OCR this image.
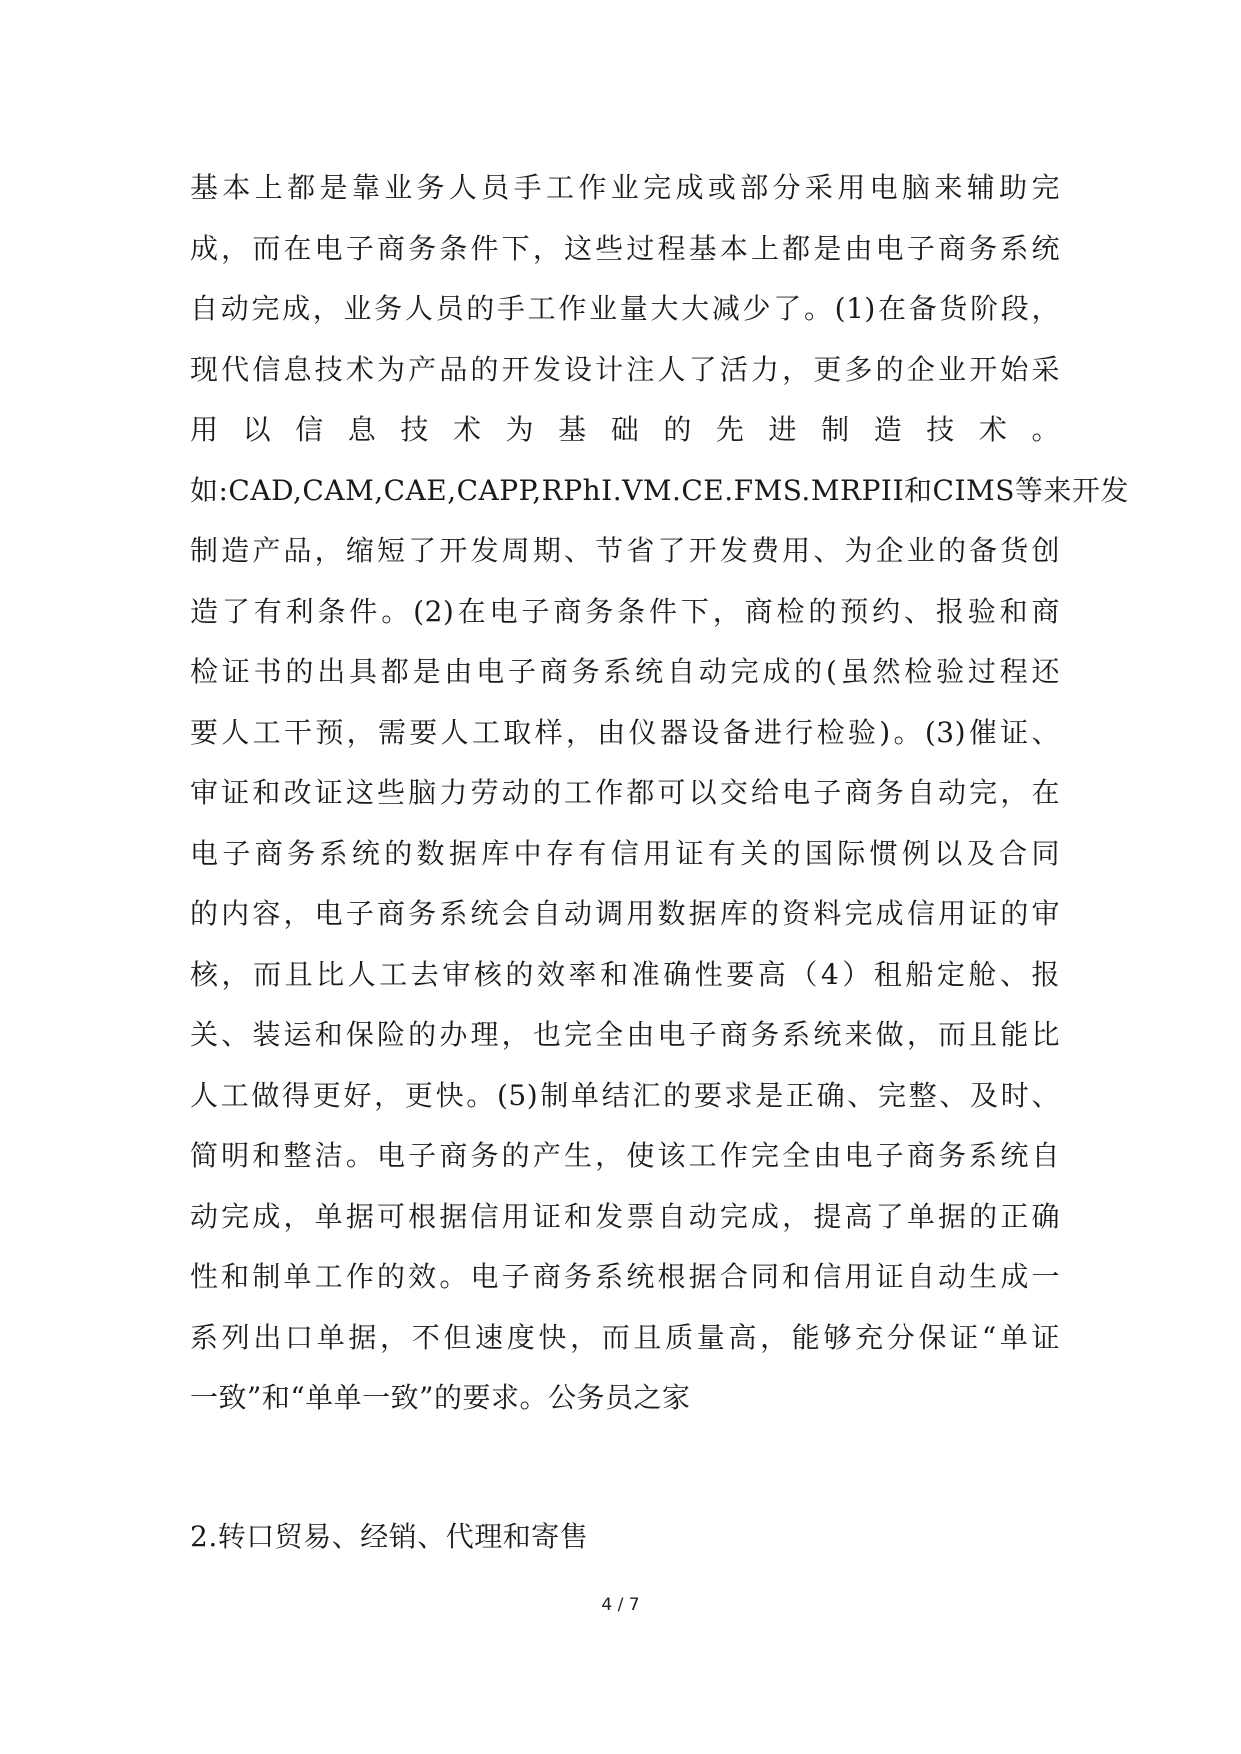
基本上都是靠业务人员手工作业完成或部分采用电脑来辅助完
成，而在电子商务条件下，这些过程基本上都是由电子商务系统
自动完成，业务人员的手工作业量大大减少了。(1)在备货阶段，
现代信息技术为产品的开发设计注人了活力，更多的企业开始采
用以信息技术为基础的先进制造技术。
如:CAD,CAM,CAE,CAPP,RPhI.VM.CE.FMS.MRPII和CIMS等来开发
制造产品，缩短了开发周期、节省了开发费用、为企业的备货创
造了有利条件。(2)在电子商务条件下，商检的预约、报验和商
检证书的出具都是由电子商务系统自动完成的(虽然检验过程还
要人工干预，需要人工取样，由仪器设备进行检验)。(3)催证、
审证和改证这些脑力劳动的工作都可以交给电子商务自动完，在
电子商务系统的数据库中存有信用证有关的国际惯例以及合同
的内容，电子商务系统会自动调用数据库的资料完成信用证的审
核，而且比人工去审核的效率和准确性要高（4）租船定舱、报
关、装运和保险的办理，也完全由电子商务系统来做，而且能比
人工做得更好，更快。(5)制单结汇的要求是正确、完整、及时、
简明和整洁。电子商务的产生，使该工作完全由电子商务系统自
动完成，单据可根据信用证和发票自动完成，提高了单据的正确
性和制单工作的效。电子商务系统根据合同和信用证自动生成一
系列出口单据，不但速度快，而且质量高，能够充分保证“单证
一致”和“单单一致”的要求。公务员之家
2.转口贸易、经销、代理和寄售
4 / 7
